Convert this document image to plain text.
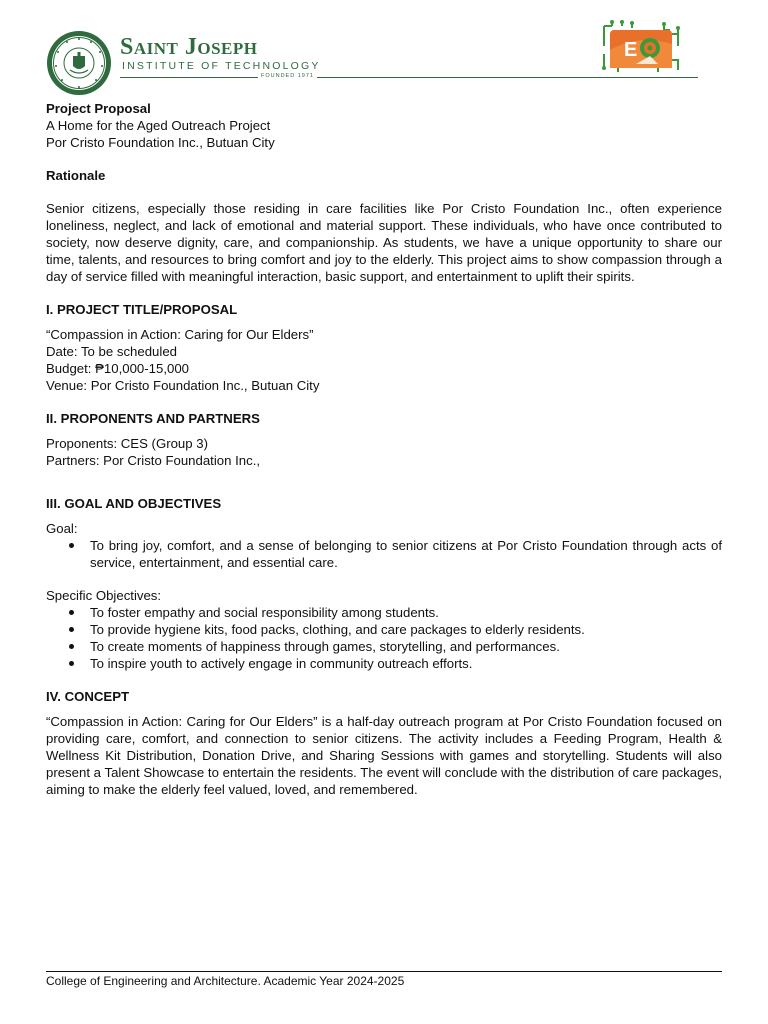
Saint Joseph
INSTITUTE OF TECHNOLOGY
FOUNDED 1971
E

Project Proposal

A Home for the Aged Outreach Project

Por Cristo Foundation Inc., Butuan City

Rationale

Senior citizens, especially those residing in care facilities like Por Cristo Foundation Inc., often experience loneliness, neglect, and lack of emotional and material support. These individuals, who have once contributed to society, now deserve dignity, care, and companionship. As students, we have a unique opportunity to share our time, talents, and resources to bring comfort and joy to the elderly. This project aims to show compassion through a day of service filled with meaningful interaction, basic support, and entertainment to uplift their spirits.

I. PROJECT TITLE/PROPOSAL

“Compassion in Action: Caring for Our Elders”

Date: To be scheduled

Budget: ₱10,000-15,000

Venue: Por Cristo Foundation Inc., Butuan City

II. PROPONENTS AND PARTNERS

Proponents: CES (Group 3)

Partners: Por Cristo Foundation Inc.,

III. GOAL AND OBJECTIVES

Goal:

To bring joy, comfort, and a sense of belonging to senior citizens at Por Cristo Foundation through acts of service, entertainment, and essential care.

Specific Objectives:

To foster empathy and social responsibility among students.
To provide hygiene kits, food packs, clothing, and care packages to elderly residents.
To create moments of happiness through games, storytelling, and performances.
To inspire youth to actively engage in community outreach efforts.

IV. CONCEPT

“Compassion in Action: Caring for Our Elders” is a half-day outreach program at Por Cristo Foundation focused on providing care, comfort, and connection to senior citizens. The activity includes a Feeding Program, Health & Wellness Kit Distribution, Donation Drive, and Sharing Sessions with games and storytelling. Students will also present a Talent Showcase to entertain the residents. The event will conclude with the distribution of care packages, aiming to make the elderly feel valued, loved, and remembered.

College of Engineering and Architecture. Academic Year 2024-2025
